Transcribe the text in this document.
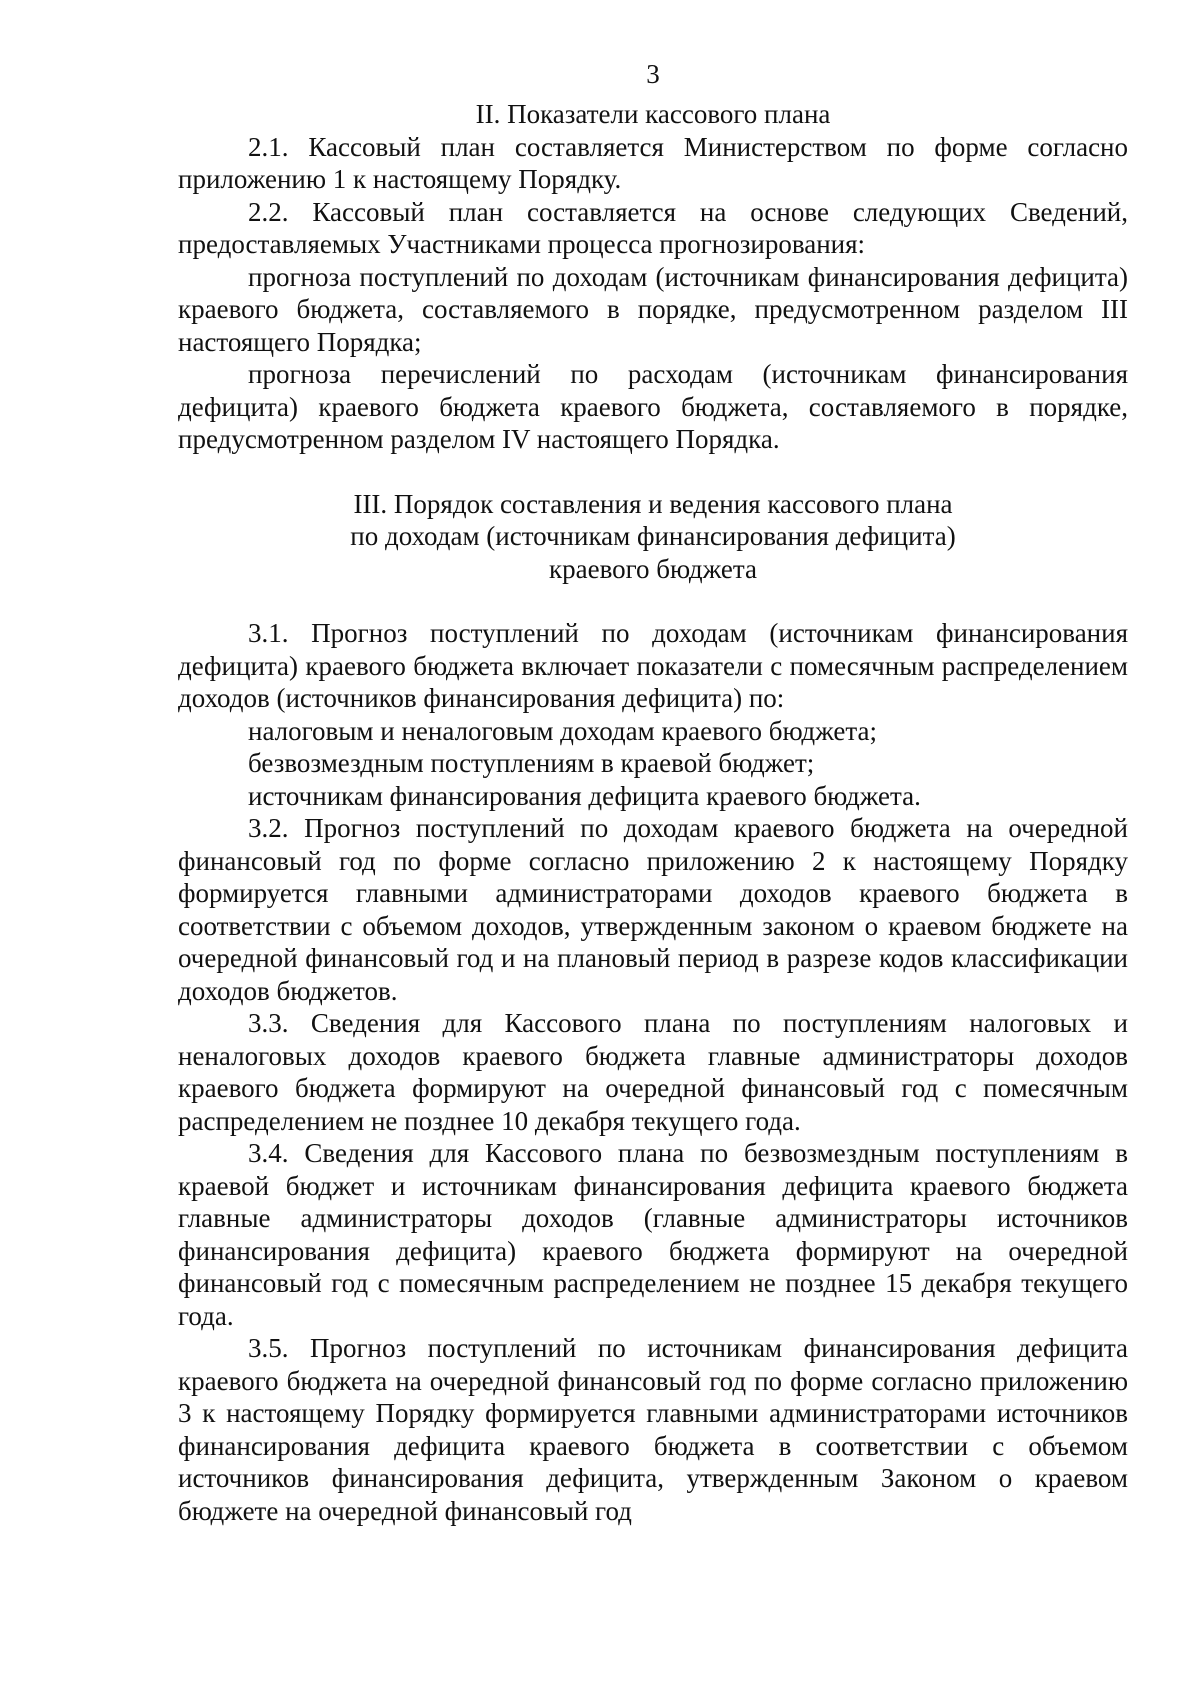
3

II. Показатели кассового плана

2.1. Кассовый план составляется Министерством по форме согласно приложению 1 к настоящему Порядку.

2.2. Кассовый план составляется на основе следующих Сведений, предоставляемых Участниками процесса прогнозирования:

прогноза поступлений по доходам (источникам финансирования дефицита) краевого бюджета, составляемого в порядке, предусмотренном разделом III настоящего Порядка;

прогноза перечислений по расходам (источникам финансирования дефицита) краевого бюджета краевого бюджета, составляемого в порядке, предусмотренном разделом IV настоящего Порядка.

III. Порядок составления и ведения кассового плана
по доходам (источникам финансирования дефицита)
краевого бюджета

3.1. Прогноз поступлений по доходам (источникам финансирования дефицита) краевого бюджета включает показатели с помесячным распределением доходов (источников финансирования дефицита) по:

налоговым и неналоговым доходам краевого бюджета;

безвозмездным поступлениям в краевой бюджет;

источникам финансирования дефицита краевого бюджета.

3.2. Прогноз поступлений по доходам краевого бюджета на очередной финансовый год по форме согласно приложению 2 к настоящему Порядку формируется главными администраторами доходов краевого бюджета в соответствии с объемом доходов, утвержденным законом о краевом бюджете на очередной финансовый год и на плановый период в разрезе кодов классификации доходов бюджетов.

3.3. Сведения для Кассового плана по поступлениям налоговых и неналоговых доходов краевого бюджета главные администраторы доходов краевого бюджета формируют на очередной финансовый год с помесячным распределением не позднее 10 декабря текущего года.

3.4. Сведения для Кассового плана по безвозмездным поступлениям в краевой бюджет и источникам финансирования дефицита краевого бюджета главные администраторы доходов (главные администраторы источников финансирования дефицита) краевого бюджета формируют на очередной финансовый год с помесячным распределением не позднее 15 декабря текущего года.

3.5. Прогноз поступлений по источникам финансирования дефицита краевого бюджета на очередной финансовый год по форме согласно приложению 3 к настоящему Порядку формируется главными администраторами источников финансирования дефицита краевого бюджета в соответствии с объемом источников финансирования дефицита, утвержденным Законом о краевом бюджете на очередной финансовый год
